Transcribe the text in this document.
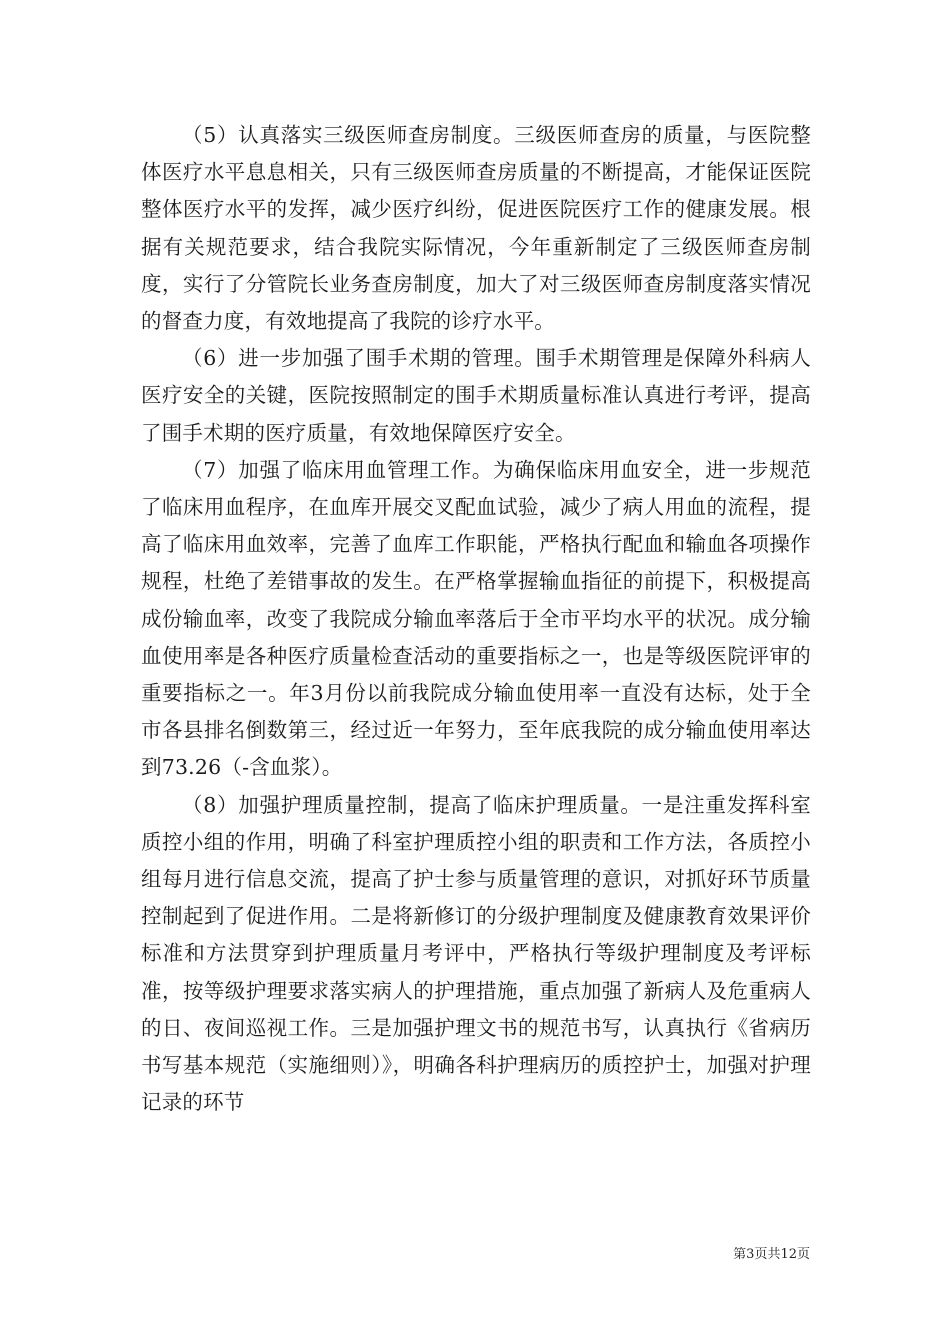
（5）认真落实三级医师查房制度。三级医师查房的质量，与医院整体医疗水平息息相关，只有三级医师查房质量的不断提高，才能保证医院整体医疗水平的发挥，减少医疗纠纷，促进医院医疗工作的健康发展。根据有关规范要求，结合我院实际情况，今年重新制定了三级医师查房制度，实行了分管院长业务查房制度，加大了对三级医师查房制度落实情况的督查力度，有效地提高了我院的诊疗水平。

（6）进一步加强了围手术期的管理。围手术期管理是保障外科病人医疗安全的关键，医院按照制定的围手术期质量标准认真进行考评，提高了围手术期的医疗质量，有效地保障医疗安全。

（7）加强了临床用血管理工作。为确保临床用血安全，进一步规范了临床用血程序，在血库开展交叉配血试验，减少了病人用血的流程，提高了临床用血效率，完善了血库工作职能，严格执行配血和输血各项操作规程，杜绝了差错事故的发生。在严格掌握输血指征的前提下，积极提高成份输血率，改变了我院成分输血率落后于全市平均水平的状况。成分输血使用率是各种医疗质量检查活动的重要指标之一，也是等级医院评审的重要指标之一。年3月份以前我院成分输血使用率一直没有达标，处于全市各县排名倒数第三，经过近一年努力，至年底我院的成分输血使用率达到73.26（-含血浆）。

（8）加强护理质量控制，提高了临床护理质量。一是注重发挥科室质控小组的作用，明确了科室护理质控小组的职责和工作方法，各质控小组每月进行信息交流，提高了护士参与质量管理的意识，对抓好环节质量控制起到了促进作用。二是将新修订的分级护理制度及健康教育效果评价标准和方法贯穿到护理质量月考评中，严格执行等级护理制度及考评标准，按等级护理要求落实病人的护理措施，重点加强了新病人及危重病人的日、夜间巡视工作。三是加强护理文书的规范书写，认真执行《省病历书写基本规范（实施细则）》，明确各科护理病历的质控护士，加强对护理记录的环节

第3页共12页
